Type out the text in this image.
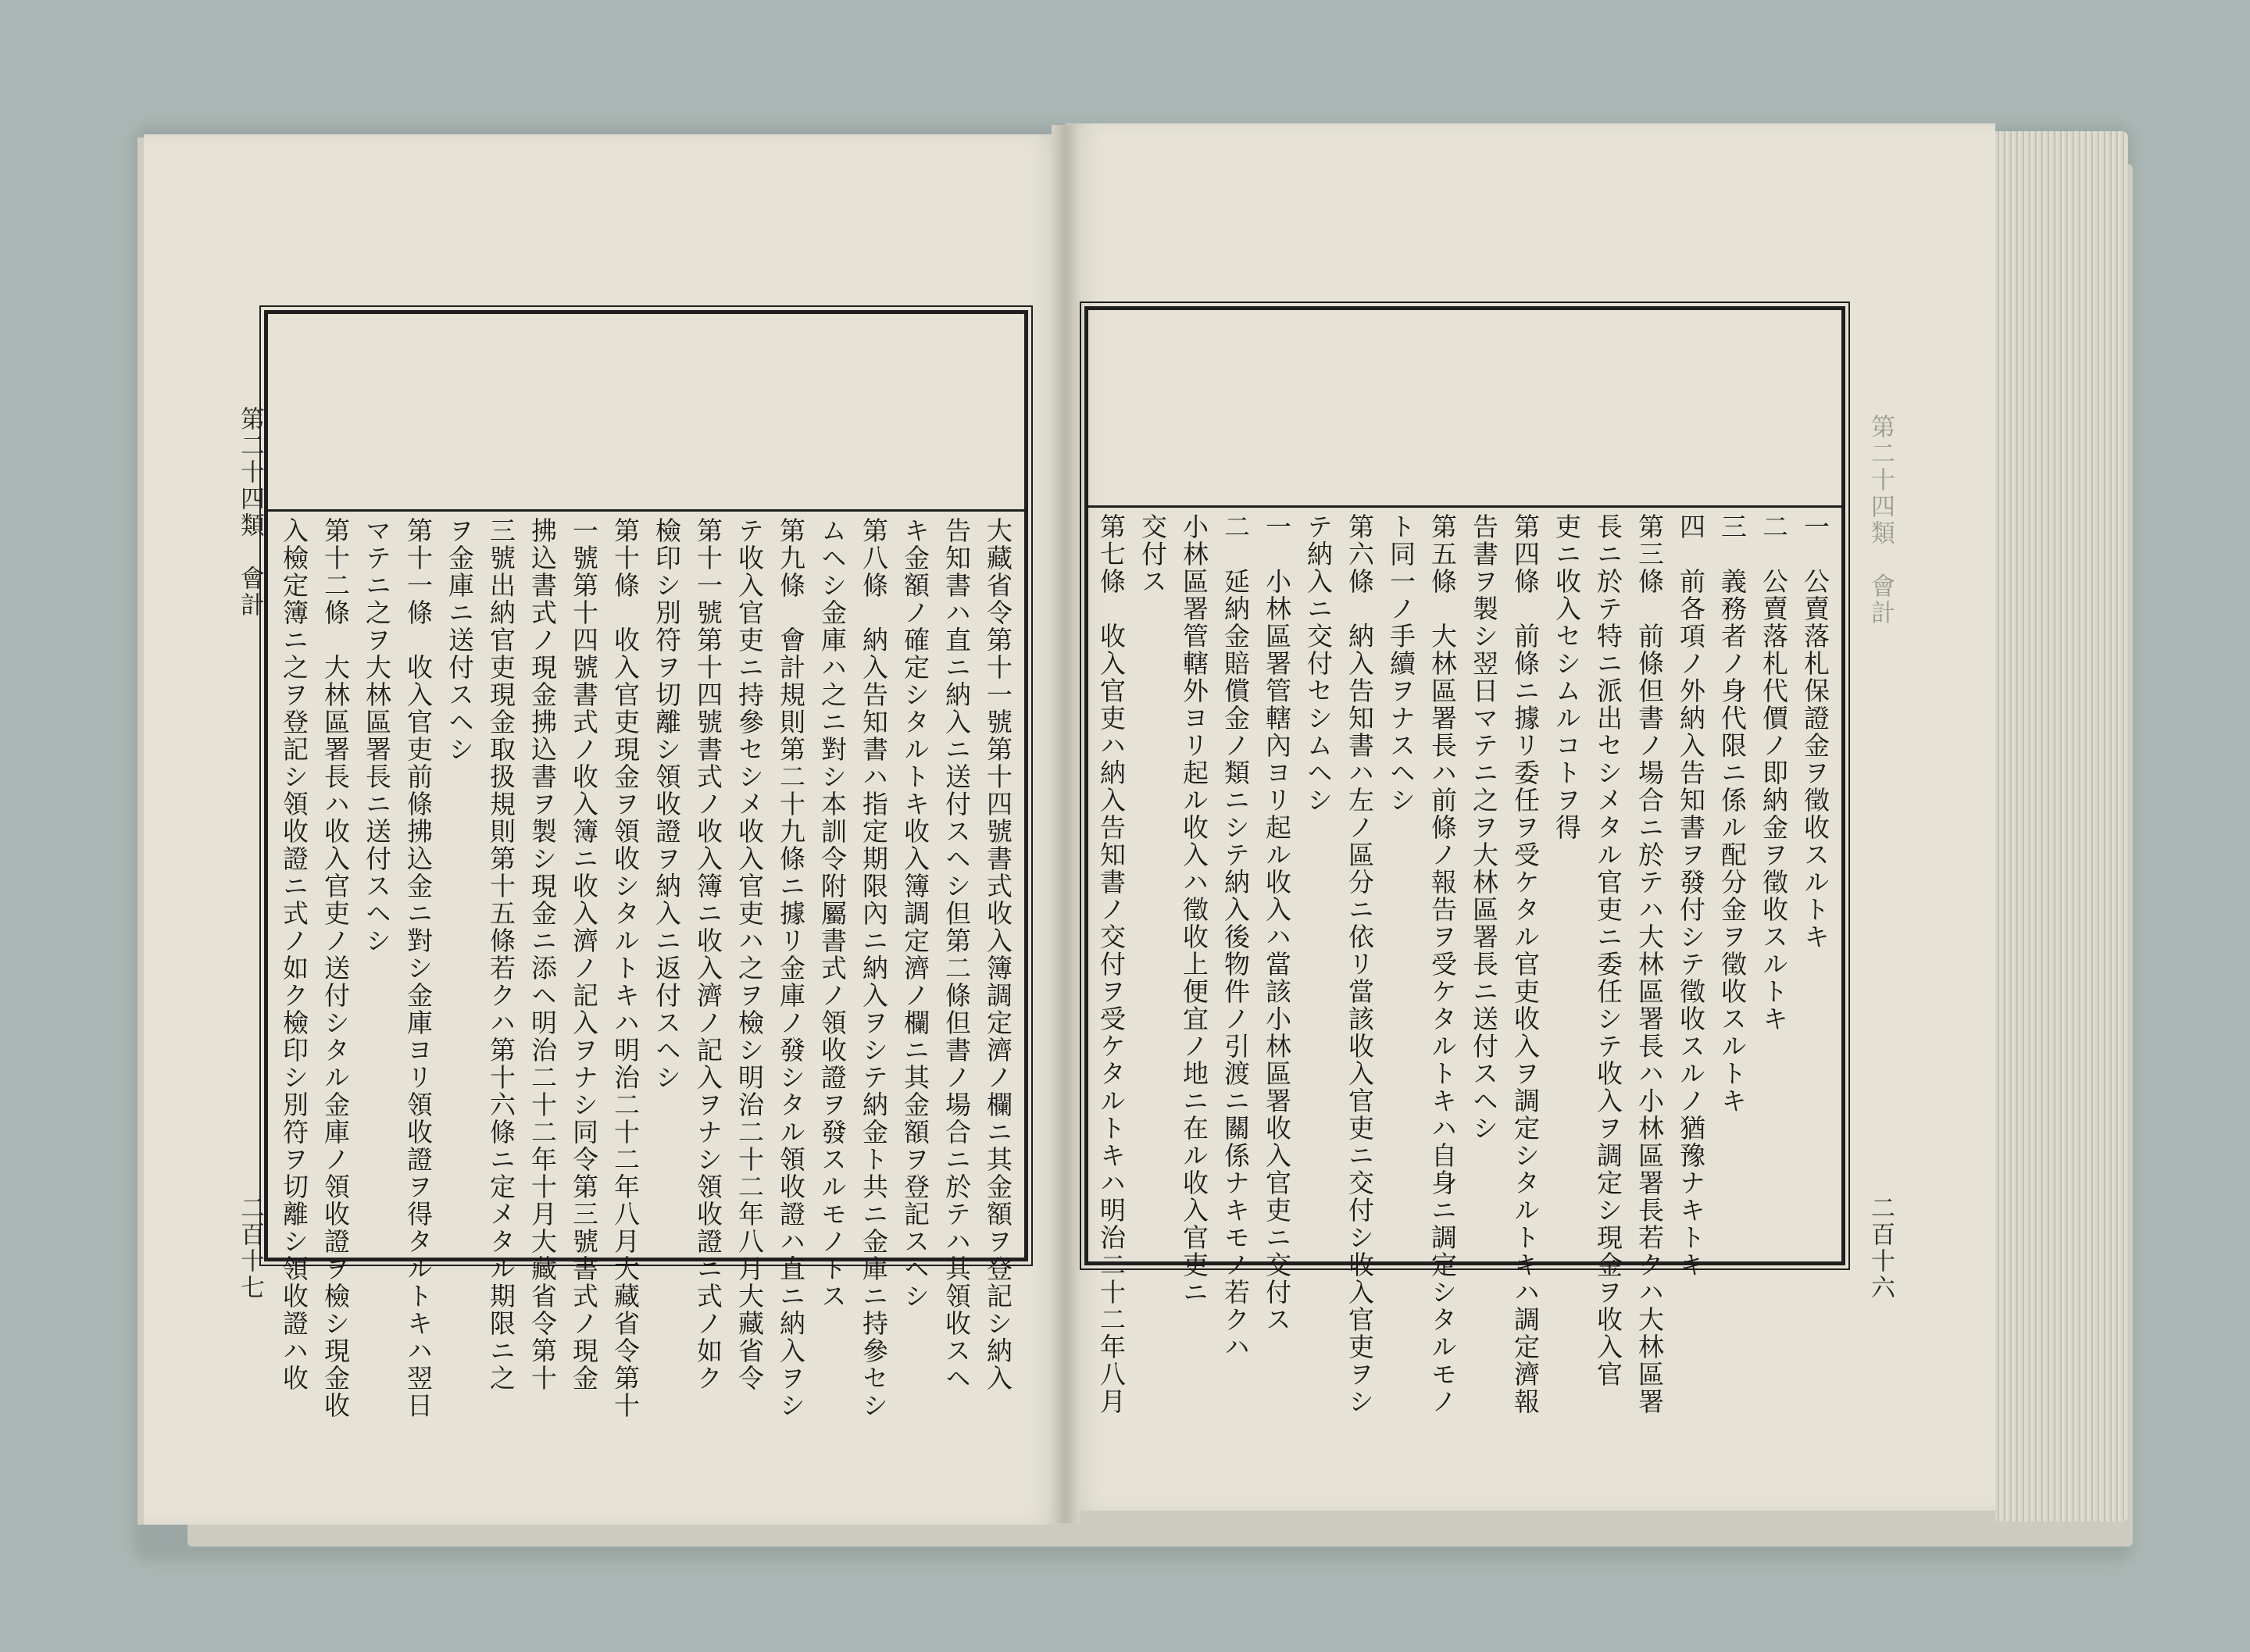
第二十四類　會計
二百十七	大藏省令第十一號第十四號書式收入簿調定濟ノ欄ニ其金額ヲ登記シ納入
告知書ハ直ニ納入ニ送付スヘシ但第二條但書ノ場合ニ於テハ其領收スヘ
キ金額ノ確定シタルトキ收入簿調定濟ノ欄ニ其金額ヲ登記スヘシ
第八條　納入告知書ハ指定期限內ニ納入ヲシテ納金ト共ニ金庫ニ持參セシ
ムヘシ金庫ハ之ニ對シ本訓令附屬書式ノ領收證ヲ發スルモノトス
第九條　會計規則第二十九條ニ據リ金庫ノ發シタル領收證ハ直ニ納入ヲシ
テ收入官吏ニ持參セシメ收入官吏ハ之ヲ檢シ明治二十二年八月大藏省令
第十一號第十四號書式ノ收入簿ニ收入濟ノ記入ヲナシ領收證ニ式ノ如ク
檢印シ別符ヲ切離シ領收證ヲ納入ニ返付スヘシ
第十條　收入官吏現金ヲ領收シタルトキハ明治二十二年八月大藏省令第十
一號第十四號書式ノ收入簿ニ收入濟ノ記入ヲナシ同令第三號書式ノ現金
拂込書式ノ現金拂込書ヲ製シ現金ニ添ヘ明治二十二年十月大藏省令第十
三號出納官吏現金取扱規則第十五條若クハ第十六條ニ定メタル期限ニ之
ヲ金庫ニ送付スヘシ
第十一條　收入官吏前條拂込金ニ對シ金庫ヨリ領收證ヲ得タルトキハ翌日
マテニ之ヲ大林區署長ニ送付スヘシ
第十二條　大林區署長ハ收入官吏ノ送付シタル金庫ノ領收證ヲ檢シ現金收
入檢定簿ニ之ヲ登記シ領收證ニ式ノ如ク檢印シ別符ヲ切離シ領收證ハ收	第二十四類　會計
二百十六
一　公賣落札保證金ヲ徵收スルトキ
二　公賣落札代價ノ即納金ヲ徵收スルトキ
三　義務者ノ身代限ニ係ル配分金ヲ徵收スルトキ
四　前各項ノ外納入告知書ヲ發付シテ徵收スルノ猶豫ナキトキ
第三條　前條但書ノ場合ニ於テハ大林區署長ハ小林區署長若クハ大林區署
長ニ於テ特ニ派出セシメタル官吏ニ委任シテ收入ヲ調定シ現金ヲ收入官
吏ニ收入セシムルコトヲ得
第四條　前條ニ據リ委任ヲ受ケタル官吏收入ヲ調定シタルトキハ調定濟報
告書ヲ製シ翌日マテニ之ヲ大林區署長ニ送付スヘシ
第五條　大林區署長ハ前條ノ報告ヲ受ケタルトキハ自身ニ調定シタルモノ
ト同一ノ手續ヲナスヘシ
第六條　納入告知書ハ左ノ區分ニ依リ當該收入官吏ニ交付シ收入官吏ヲシ
テ納入ニ交付セシムヘシ
一　小林區署管轄內ヨリ起ル收入ハ當該小林區署收入官吏ニ交付ス
二　延納金賠償金ノ類ニシテ納入後物件ノ引渡ニ關係ナキモノ若クハ
小林區署管轄外ヨリ起ル收入ハ徵收上便宜ノ地ニ在ル收入官吏ニ
交付ス
第七條　收入官吏ハ納入告知書ノ交付ヲ受ケタルトキハ明治二十二年八月
